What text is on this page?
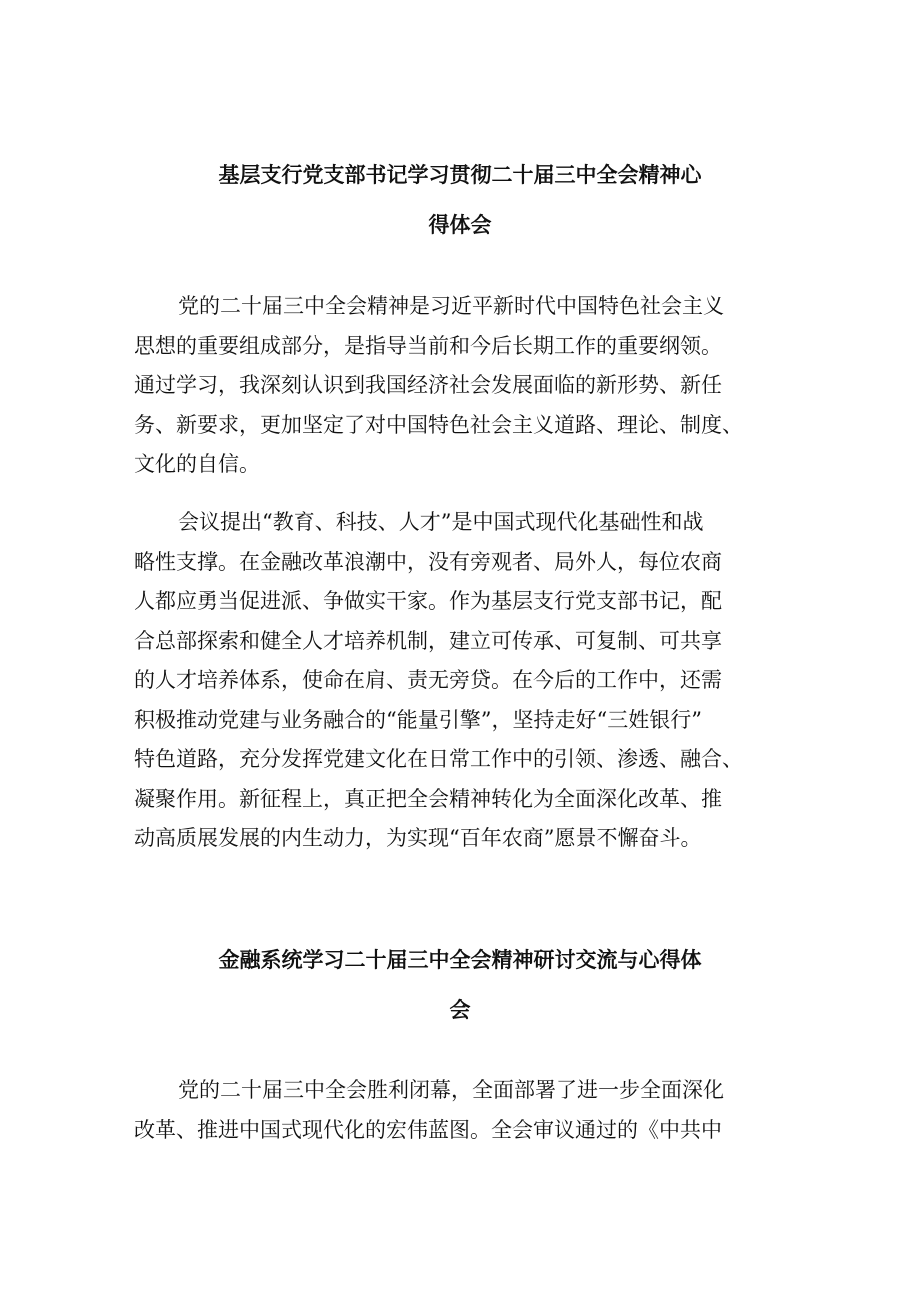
基层支行党支部书记学习贯彻二十届三中全会精神心
得体会
党的二十届三中全会精神是习近平新时代中国特色社会主义
思想的重要组成部分，是指导当前和今后长期工作的重要纲领。
通过学习，我深刻认识到我国经济社会发展面临的新形势、新任
务、新要求，更加坚定了对中国特色社会主义道路、理论、制度、
文化的自信。
会议提出“教育、科技、人才”是中国式现代化基础性和战
略性支撑。在金融改革浪潮中，没有旁观者、局外人，每位农商
人都应勇当促进派、争做实干家。作为基层支行党支部书记，配
合总部探索和健全人才培养机制，建立可传承、可复制、可共享
的人才培养体系，使命在肩、责无旁贷。在今后的工作中，还需
积极推动党建与业务融合的“能量引擎”，坚持走好“三姓银行”
特色道路，充分发挥党建文化在日常工作中的引领、渗透、融合、
凝聚作用。新征程上，真正把全会精神转化为全面深化改革、推
动高质展发展的内生动力，为实现“百年农商”愿景不懈奋斗。
金融系统学习二十届三中全会精神研讨交流与心得体
会
党的二十届三中全会胜利闭幕，全面部署了进一步全面深化
改革、推进中国式现代化的宏伟蓝图。全会审议通过的《中共中
